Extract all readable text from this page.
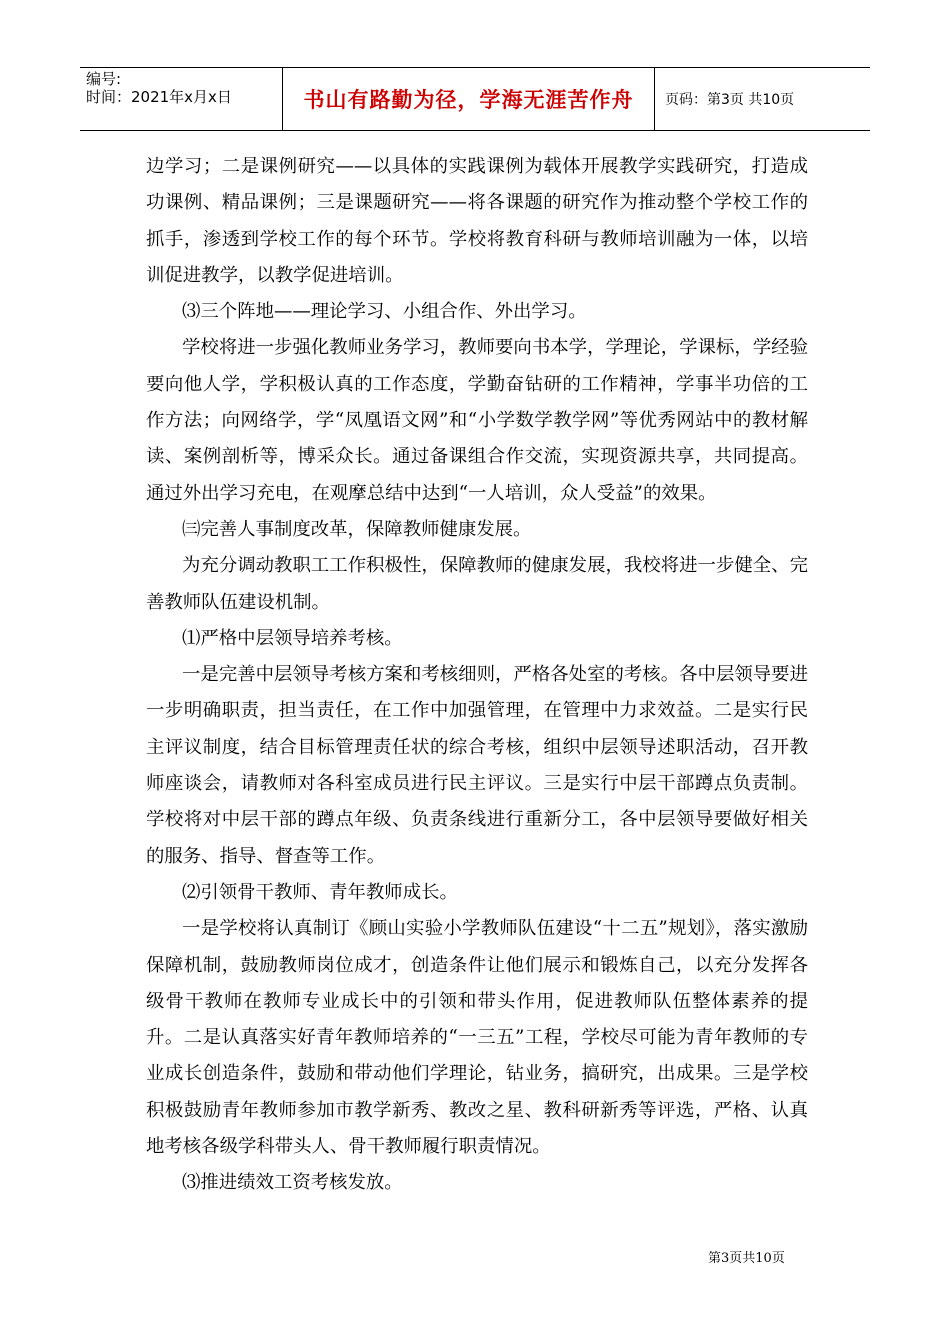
编号:
时间：2021年x月x日	书山有路勤为径，学海无涯苦作舟	页码：第3页 共10页

边学习；二是课例研究——以具体的实践课例为载体开展教学实践研究，打造成功课例、精品课例；三是课题研究——将各课题的研究作为推动整个学校工作的抓手，渗透到学校工作的每个环节。学校将教育科研与教师培训融为一体，以培训促进教学，以教学促进培训。

⑶三个阵地——理论学习、小组合作、外出学习。

学校将进一步强化教师业务学习，教师要向书本学，学理论，学课标，学经验要向他人学，学积极认真的工作态度，学勤奋钻研的工作精神，学事半功倍的工作方法；向网络学，学“凤凰语文网”和“小学数学教学网”等优秀网站中的教材解读、案例剖析等，博采众长。通过备课组合作交流，实现资源共享，共同提高。通过外出学习充电，在观摩总结中达到“一人培训，众人受益”的效果。

㈢完善人事制度改革，保障教师健康发展。

为充分调动教职工工作积极性，保障教师的健康发展，我校将进一步健全、完善教师队伍建设机制。

⑴严格中层领导培养考核。

一是完善中层领导考核方案和考核细则，严格各处室的考核。各中层领导要进一步明确职责，担当责任，在工作中加强管理，在管理中力求效益。二是实行民主评议制度，结合目标管理责任状的综合考核，组织中层领导述职活动，召开教师座谈会，请教师对各科室成员进行民主评议。三是实行中层干部蹲点负责制。学校将对中层干部的蹲点年级、负责条线进行重新分工，各中层领导要做好相关的服务、指导、督查等工作。

⑵引领骨干教师、青年教师成长。

一是学校将认真制订《顾山实验小学教师队伍建设“十二五”规划》，落实激励保障机制，鼓励教师岗位成才，创造条件让他们展示和锻炼自己，以充分发挥各级骨干教师在教师专业成长中的引领和带头作用，促进教师队伍整体素养的提升。二是认真落实好青年教师培养的“一三五”工程，学校尽可能为青年教师的专业成长创造条件，鼓励和带动他们学理论，钻业务，搞研究，出成果。三是学校积极鼓励青年教师参加市教学新秀、教改之星、教科研新秀等评选，严格、认真地考核各级学科带头人、骨干教师履行职责情况。

⑶推进绩效工资考核发放。

第3页共10页
